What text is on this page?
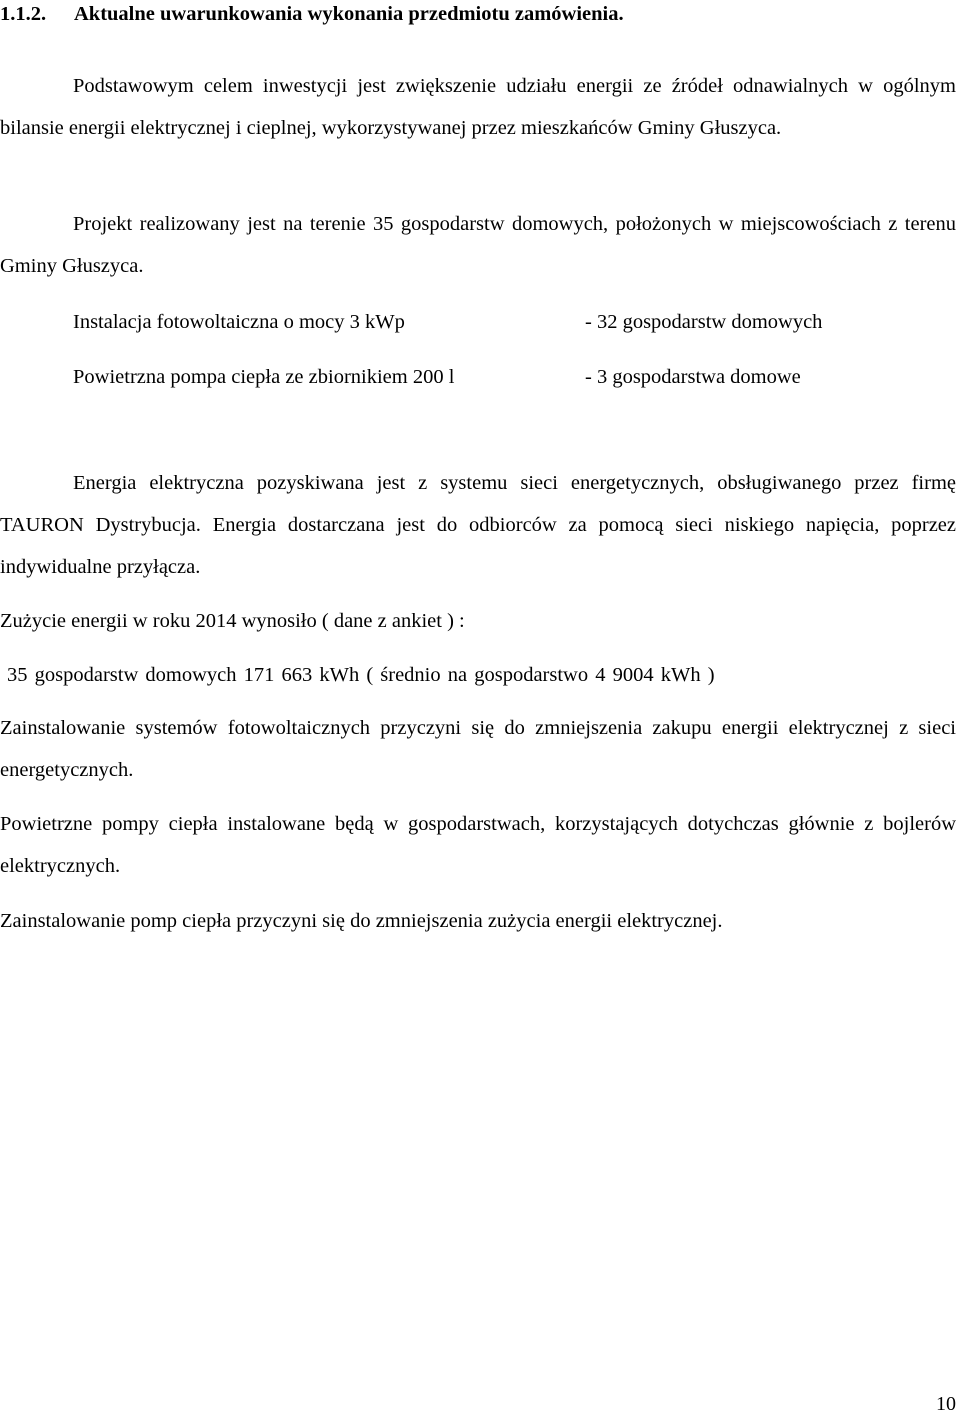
1.1.2. Aktualne uwarunkowania wykonania przedmiotu zamówienia.

Podstawowym celem inwestycji jest zwiększenie udziału energii ze źródeł odnawialnych w ogólnym bilansie energii elektrycznej i cieplnej, wykorzystywanej przez mieszkańców Gminy Głuszyca.

Projekt realizowany jest na terenie 35 gospodarstw domowych, położonych w miejscowościach z terenu Gminy Głuszyca.

Instalacja fotowoltaiczna o mocy 3 kWp	- 32 gospodarstw domowych
Powietrzna pompa ciepła ze zbiornikiem 200 l	- 3 gospodarstwa domowe

Energia elektryczna pozyskiwana jest z systemu sieci energetycznych, obsługiwanego przez firmę TAURON Dystrybucja. Energia dostarczana jest do odbiorców za pomocą sieci niskiego napięcia, poprzez indywidualne przyłącza.

Zużycie energii w roku 2014 wynosiło ( dane z ankiet ) :
35 gospodarstw domowych 171 663 kWh ( średnio na gospodarstwo 4 9004 kWh )

Zainstalowanie systemów fotowoltaicznych przyczyni się do zmniejszenia zakupu energii elektrycznej z sieci energetycznych.

Powietrzne pompy ciepła instalowane będą w gospodarstwach, korzystających dotychczas głównie z bojlerów elektrycznych.

Zainstalowanie pomp ciepła przyczyni się do zmniejszenia zużycia energii elektrycznej.
10
